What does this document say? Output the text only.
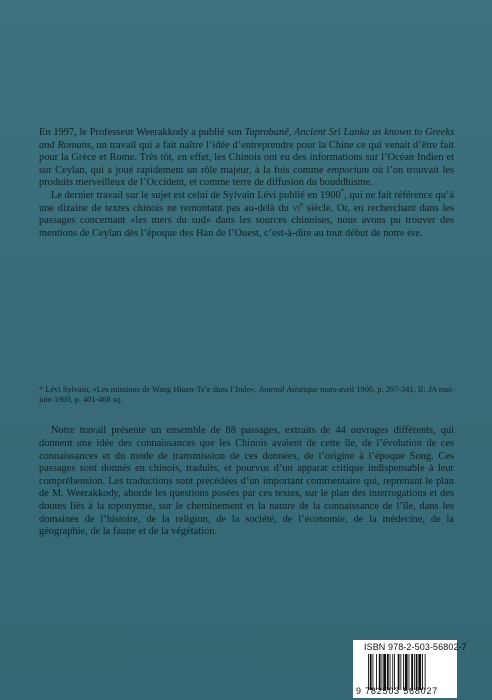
En 1997, le Professeur Weerakkody a publié son Taprobanê, Ancient Sri Lanka as known to Greeks and Romans, un travail qui a fait naître l’idée d’entreprendre pour la Chine ce qui venait d’être fait pour la Grèce et Rome. Très tôt, en effet, les Chinois ont eu des informations sur l’Océan Indien et sur Ceylan, qui a joué rapidement un rôle majeur, à la fois comme emporium où l’on trouvait les produits merveilleux de l’Occident, et comme terre de diffusion du bouddhisme.

Le dernier travail sur le sujet est celui de Sylvain Lévi publié en 1900*, qui ne fait référence qu’à une dizaine de textes chinois ne remontant pas au-delà du $vi^e$ siècle. Or, en recherchant dans les passages concernant «les mers du sud» dans les sources chinoises, nous avons pu trouver des mentions de Ceylan dès l’époque des Han de l’Ouest, c’est-à-dire au tout début de notre ère.

* Lévi Sylvain, «Les missions de Wang Hiuen-Ts’e dans l’Inde», Journal Asiatique mars-avril 1900, p. 297-341, II: JA mai-juin 1900, p. 401-468 sq.

Notre travail présente un ensemble de 88 passages, extraits de 44 ouvrages différents, qui donnent une idée des connaissances que les Chinois avaient de cette île, de l’évolution de ces connaissances et du mode de transmission de ces données, de l’origine à l’époque Song. Ces passages sont donnés en chinois, traduits, et pourvus d’un apparat critique indispensable à leur compréhension. Les traductions sont précédées d’un important commentaire qui, reprenant le plan de M. Weerakkody, aborde les questions posées par ces textes, sur le plan des interrogations et des doutes liés à la toponymie, sur le cheminement et la nature de la connaissance de l’île, dans les domaines de l’histoire, de la religion, de la société, de l’économie, de la médecine, de la géographie, de la faune et de la végétation.

ISBN 978-2-503-56802-7
9 782503 568027
